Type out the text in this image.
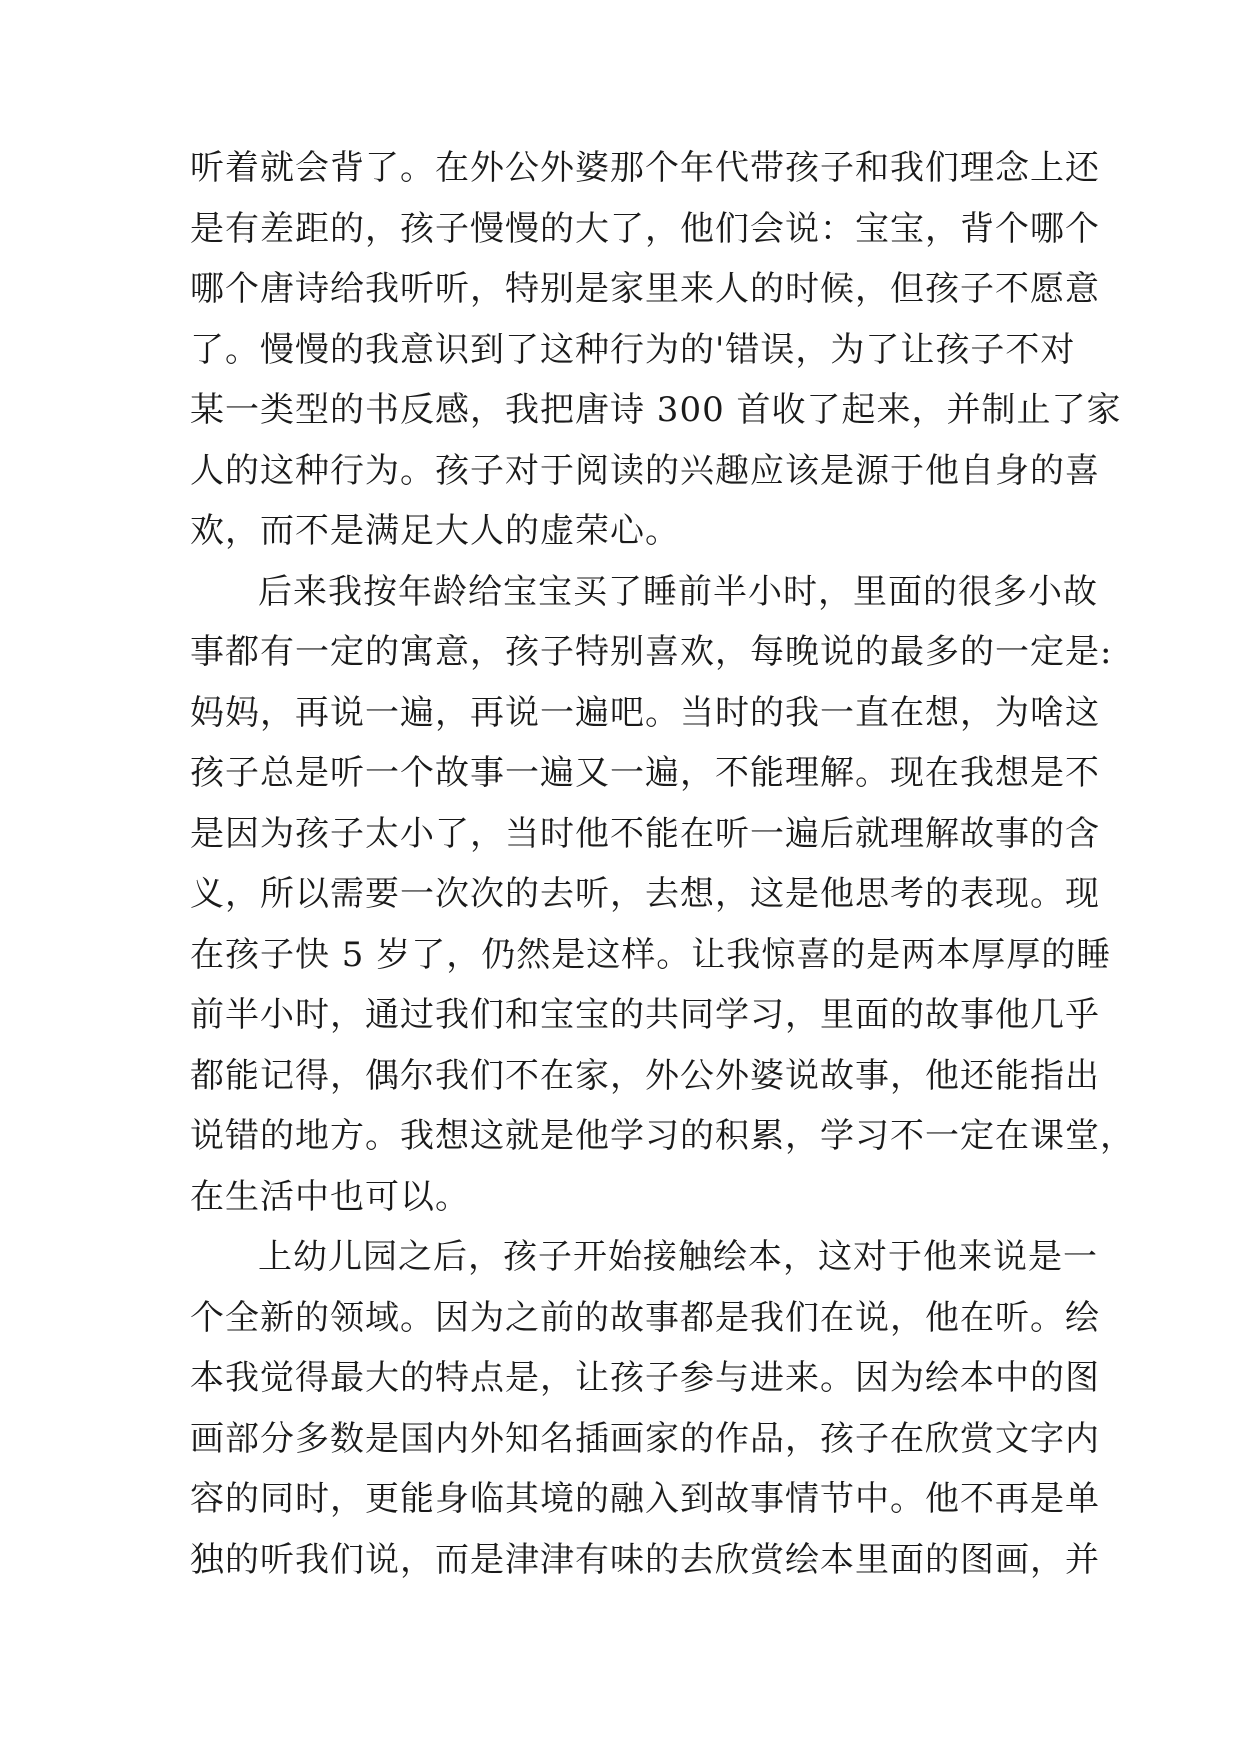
听着就会背了。在外公外婆那个年代带孩子和我们理念上还
是有差距的，孩子慢慢的大了，他们会说：宝宝，背个哪个
哪个唐诗给我听听，特别是家里来人的时候，但孩子不愿意
了。慢慢的我意识到了这种行为的'错误，为了让孩子不对
某一类型的书反感，我把唐诗 300 首收了起来，并制止了家
人的这种行为。孩子对于阅读的兴趣应该是源于他自身的喜
欢，而不是满足大人的虚荣心。
后来我按年龄给宝宝买了睡前半小时，里面的很多小故
事都有一定的寓意，孩子特别喜欢，每晚说的最多的一定是:
妈妈，再说一遍，再说一遍吧。当时的我一直在想，为啥这
孩子总是听一个故事一遍又一遍，不能理解。现在我想是不
是因为孩子太小了，当时他不能在听一遍后就理解故事的含
义，所以需要一次次的去听，去想，这是他思考的表现。现
在孩子快 5 岁了，仍然是这样。让我惊喜的是两本厚厚的睡
前半小时，通过我们和宝宝的共同学习，里面的故事他几乎
都能记得，偶尔我们不在家，外公外婆说故事，他还能指出
说错的地方。我想这就是他学习的积累，学习不一定在课堂，
在生活中也可以。
上幼儿园之后，孩子开始接触绘本，这对于他来说是一
个全新的领域。因为之前的故事都是我们在说，他在听。绘
本我觉得最大的特点是，让孩子参与进来。因为绘本中的图
画部分多数是国内外知名插画家的作品，孩子在欣赏文字内
容的同时，更能身临其境的融入到故事情节中。他不再是单
独的听我们说，而是津津有味的去欣赏绘本里面的图画，并
